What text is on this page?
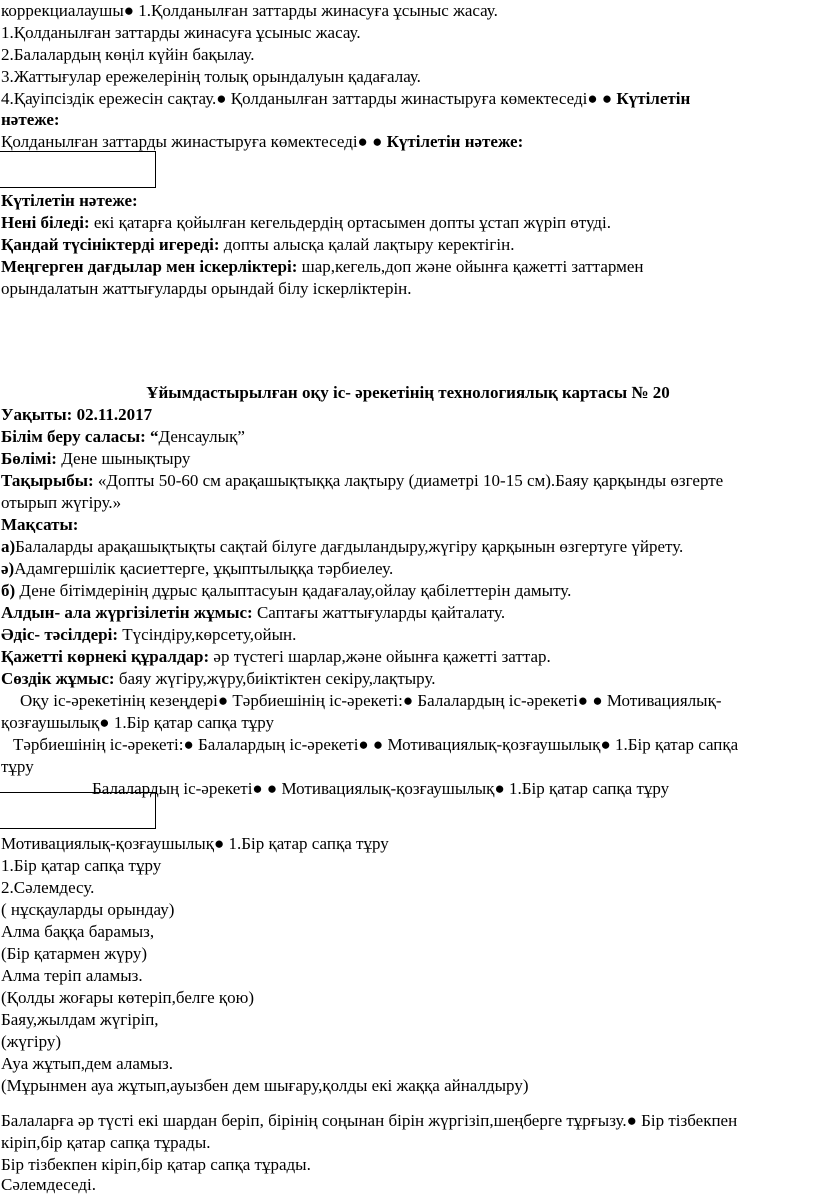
коррекциалаушы● 1.Қолданылған заттарды жинасуға ұсыныс жасау.
1.Қолданылған заттарды жинасуға ұсыныс жасау.
2.Балалардың көңіл күйін бақылау.
3.Жаттығулар ережелерінің толық орындалуын қадағалау.
4.Қауіпсіздік ережесін сақтау.● Қолданылған заттарды жинастыруға көмектеседі● ● Күтілетін
нәтеже:
Қолданылған заттарды жинастыруға көмектеседі● ● Күтілетін нәтеже:
Күтілетін нәтеже:
Нені біледі: екі қатарға қойылған кегельдердің ортасымен допты ұстап жүріп өтуді.
Қандай түсініктерді игереді: допты алысқа қалай лақтыру керектігін.
Меңгерген дағдылар мен іскерліктері: шар,кегель,доп және ойынға қажетті заттармен
орындалатын жаттығуларды орындай білу іскерліктерін.
Ұйымдастырылған оқу іс- әрекетінің технологиялық картасы № 20
Уақыты: 02.11.2017
Білім беру саласы: “Денсаулық”
Бөлімі: Дене шынықтыру
Тақырыбы: «Допты 50-60 см арақашықтыққа лақтыру (диаметрі 10-15 см).Баяу қарқынды өзгерте
отырып жүгіру.»
Мақсаты:
а)Балаларды арақашықтықты сақтай білуге дағдыландыру,жүгіру қарқынын өзгертуге үйрету.
ә)Адамгершілік қасиеттерге, ұқыптылыққа тәрбиелеу.
б) Дене бітімдерінің дұрыс қалыптасуын қадағалау,ойлау қабілеттерін дамыту.
Алдын- ала жүргізілетін жұмыс: Саптағы жаттығуларды қайталату.
Әдіс- тәсілдері: Түсіндіру,көрсету,ойын.
Қажетті көрнекі құралдар: әр түстегі шарлар,және ойынға қажетті заттар.
Сөздік жұмыс: баяу жүгіру,жүру,биіктіктен секіру,лақтыру.
Оқу іс-әрекетінің кезеңдері● Тәрбиешінің іс-әрекеті:● Балалардың іс-әрекеті● ● Мотивациялық-
қозғаушылық● 1.Бір қатар сапқа тұру
Тәрбиешінің іс-әрекеті:● Балалардың іс-әрекеті● ● Мотивациялық-қозғаушылық● 1.Бір қатар сапқа
тұру
Балалардың іс-әрекеті● ● Мотивациялық-қозғаушылық● 1.Бір қатар сапқа тұру
Мотивациялық-қозғаушылық● 1.Бір қатар сапқа тұру
1.Бір қатар сапқа тұру
2.Сәлемдесу.
( нұсқауларды орындау)
Алма баққа барамыз,
(Бір қатармен жүру)
Алма теріп аламыз.
(Қолды жоғары көтеріп,белге қою)
Баяу,жылдам жүгіріп,
(жүгіру)
Ауа жұтып,дем аламыз.
(Мұрынмен ауа жұтып,ауызбен дем шығару,қолды екі жаққа айналдыру)
Балаларға әр түсті екі шардан беріп, бірінің соңынан бірін жүргізіп,шеңберге тұрғызу.● Бір тізбекпен
кіріп,бір қатар сапқа тұрады.
Бір тізбекпен кіріп,бір қатар сапқа тұрады.
Сәлемдеседі.
